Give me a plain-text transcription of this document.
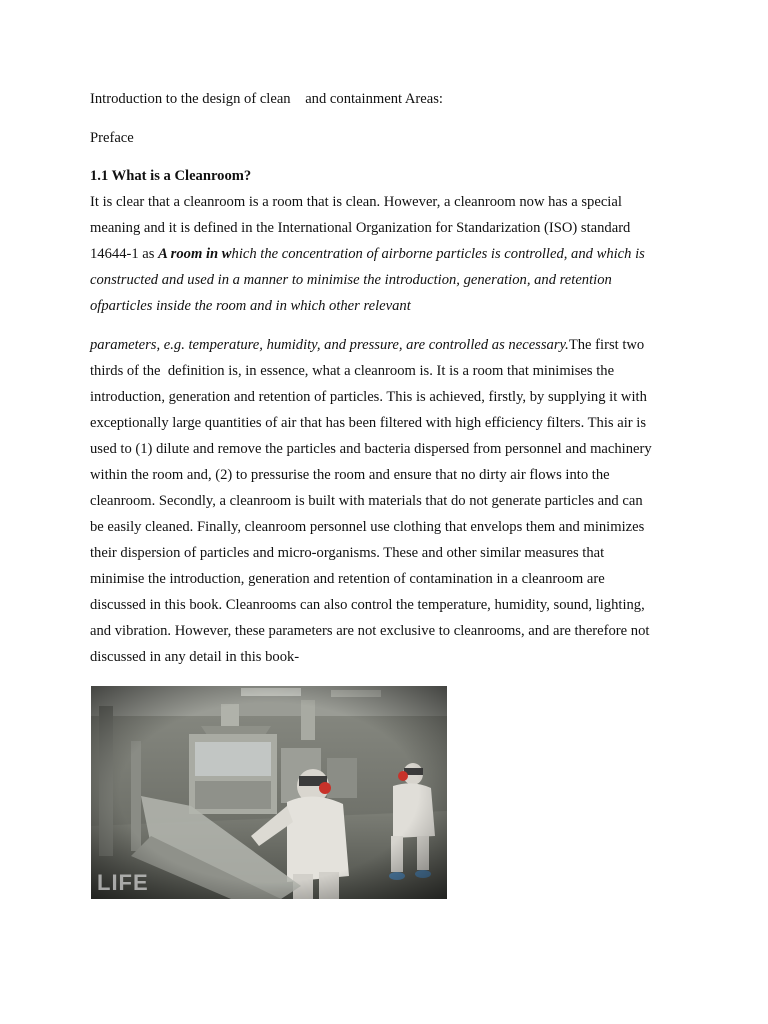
Introduction to the design of clean    and containment Areas:
Preface
1.1 What is a Cleanroom?
It is clear that a cleanroom is a room that is clean. However, a cleanroom now has a special
meaning and it is defined in the International Organization for Standarization (ISO) standard
14644-1 as A room in which the concentration of airborne particles is controlled, and which is
constructed and used in a manner to minimise the introduction, generation, and retention
ofparticles inside the room and in which other relevant
parameters, e.g. temperature, humidity, and pressure, are controlled as necessary.The first two
thirds of the  definition is, in essence, what a cleanroom is. It is a room that minimises the
introduction, generation and retention of particles. This is achieved, firstly, by supplying it with
exceptionally large quantities of air that has been filtered with high efficiency filters. This air is
used to (1) dilute and remove the particles and bacteria dispersed from personnel and machinery
within the room and, (2) to pressurise the room and ensure that no dirty air flows into the
cleanroom. Secondly, a cleanroom is built with materials that do not generate particles and can
be easily cleaned. Finally, cleanroom personnel use clothing that envelops them and minimizes
their dispersion of particles and micro-organisms. These and other similar measures that
minimise the introduction, generation and retention of contamination in a cleanroom are
discussed in this book. Cleanrooms can also control the temperature, humidity, sound, lighting,
and vibration. However, these parameters are not exclusive to cleanrooms, and are therefore not
discussed in any detail in this book-
LIFE
